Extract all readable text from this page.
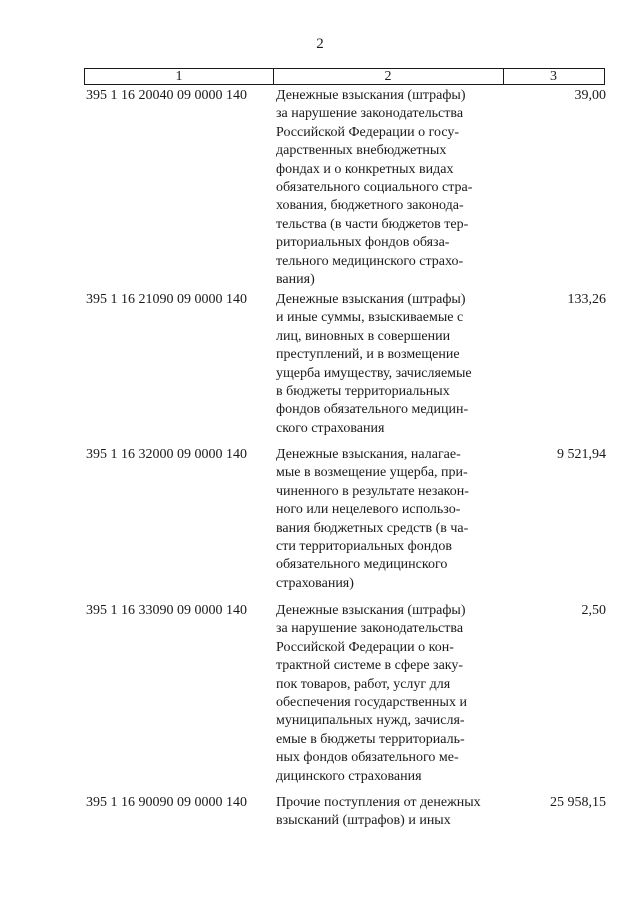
2
1	2	3
395 1 16 20040 09 0000 140 Денежные взыскания (штрафы)
за нарушение законодательства
Российской Федерации о госу-
дарственных внебюджетных
фондах и о конкретных видах
обязательного социального стра-
хования, бюджетного законода-
тельства (в части бюджетов тер-
риториальных фондов обяза-
тельного медицинского страхо-
вания)
39,00
395 1 16 21090 09 0000 140 Денежные взыскания (штрафы)
и иные суммы, взыскиваемые с
лиц, виновных в совершении
преступлений, и в возмещение
ущерба имуществу, зачисляемые
в бюджеты территориальных
фондов обязательного медицин-
ского страхования
133,26
395 1 16 32000 09 0000 140 Денежные взыскания, налагае-
мые в возмещение ущерба, при-
чиненного в результате незакон-
ного или нецелевого использо-
вания бюджетных средств (в ча-
сти территориальных фондов
обязательного медицинского
страхования)
9 521,94
395 1 16 33090 09 0000 140 Денежные взыскания (штрафы)
за нарушение законодательства
Российской Федерации о кон-
трактной системе в сфере заку-
пок товаров, работ, услуг для
обеспечения государственных и
муниципальных нужд, зачисля-
емые в бюджеты территориаль-
ных фондов обязательного ме-
дицинского страхования
2,50
395 1 16 90090 09 0000 140 Прочие поступления от денежных
взысканий (штрафов) и иных
25 958,15
